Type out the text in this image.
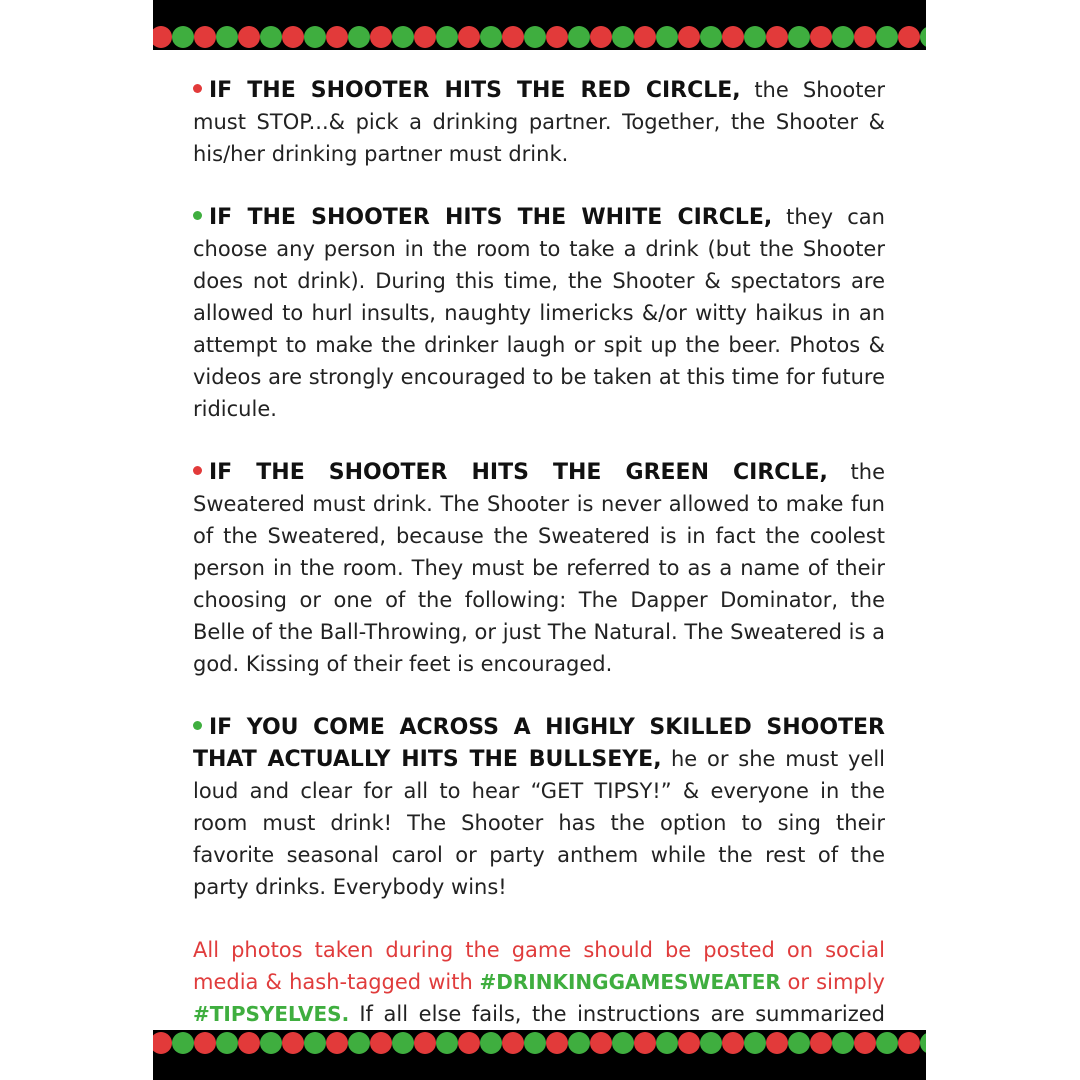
IF THE SHOOTER HITS THE RED CIRCLE, the Shooter must STOP...& pick a drinking partner. Together, the Shooter & his/her drinking partner must drink.

IF THE SHOOTER HITS THE WHITE CIRCLE, they can choose any person in the room to take a drink (but the Shooter does not drink). During this time, the Shooter & spectators are allowed to hurl insults, naughty limericks &/or witty haikus in an attempt to make the drinker laugh or spit up the beer. Photos & videos are strongly encouraged to be taken at this time for future ridicule.

IF THE SHOOTER HITS THE GREEN CIRCLE, the Sweatered must drink. The Shooter is never allowed to make fun of the Sweatered, because the Sweatered is in fact the coolest person in the room. They must be referred to as a name of their choosing or one of the following: The Dapper Dominator, the Belle of the Ball-Throwing, or just The Natural. The Sweatered is a god. Kissing of their feet is encouraged.

IF YOU COME ACROSS A HIGHLY SKILLED SHOOTER THAT ACTUALLY HITS THE BULLSEYE, he or she must yell loud and clear for all to hear “GET TIPSY!” & everyone in the room must drink! The Shooter has the option to sing their favorite seasonal carol or party anthem while the rest of the party drinks. Everybody wins!

All photos taken during the game should be posted on social media & hash-tagged with #DRINKINGGAMESWEATER or simply #TIPSYELVES. If all else fails, the instructions are summarized
